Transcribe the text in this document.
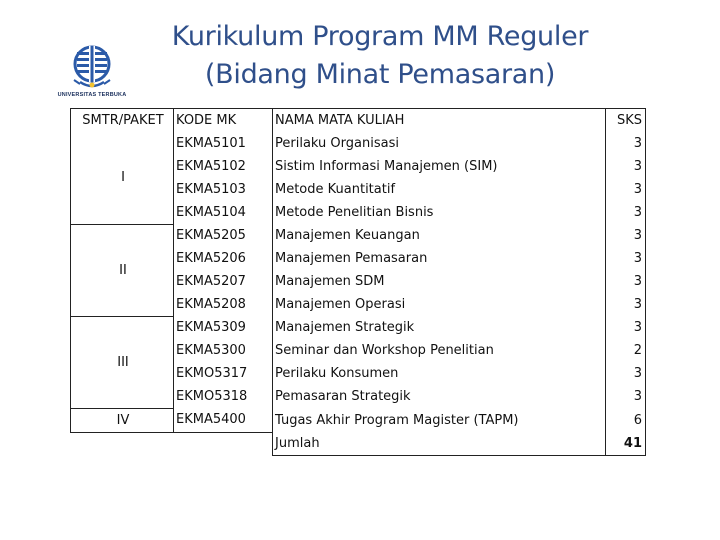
UNIVERSITAS TERBUKA
Kurikulum Program MM Reguler
(Bidang Minat Pemasaran)
SMTR/PAKET	KODE MK	NAMA MATA KULIAH	SKS
I	EKMA5101	Perilaku Organisasi	3
	EKMA5102	Sistim Informasi Manajemen (SIM)	3
	EKMA5103	Metode Kuantitatif	3
	EKMA5104	Metode Penelitian Bisnis	3
II	EKMA5205	Manajemen Keuangan	3
	EKMA5206	Manajemen Pemasaran	3
	EKMA5207	Manajemen SDM	3
	EKMA5208	Manajemen Operasi	3
III	EKMA5309	Manajemen Strategik	3
	EKMA5300	Seminar dan Workshop Penelitian	2
	EKMO5317	Perilaku Konsumen	3
	EKMO5318	Pemasaran Strategik	3
IV	EKMA5400	Tugas Akhir Program Magister (TAPM)	6
		Jumlah	41
